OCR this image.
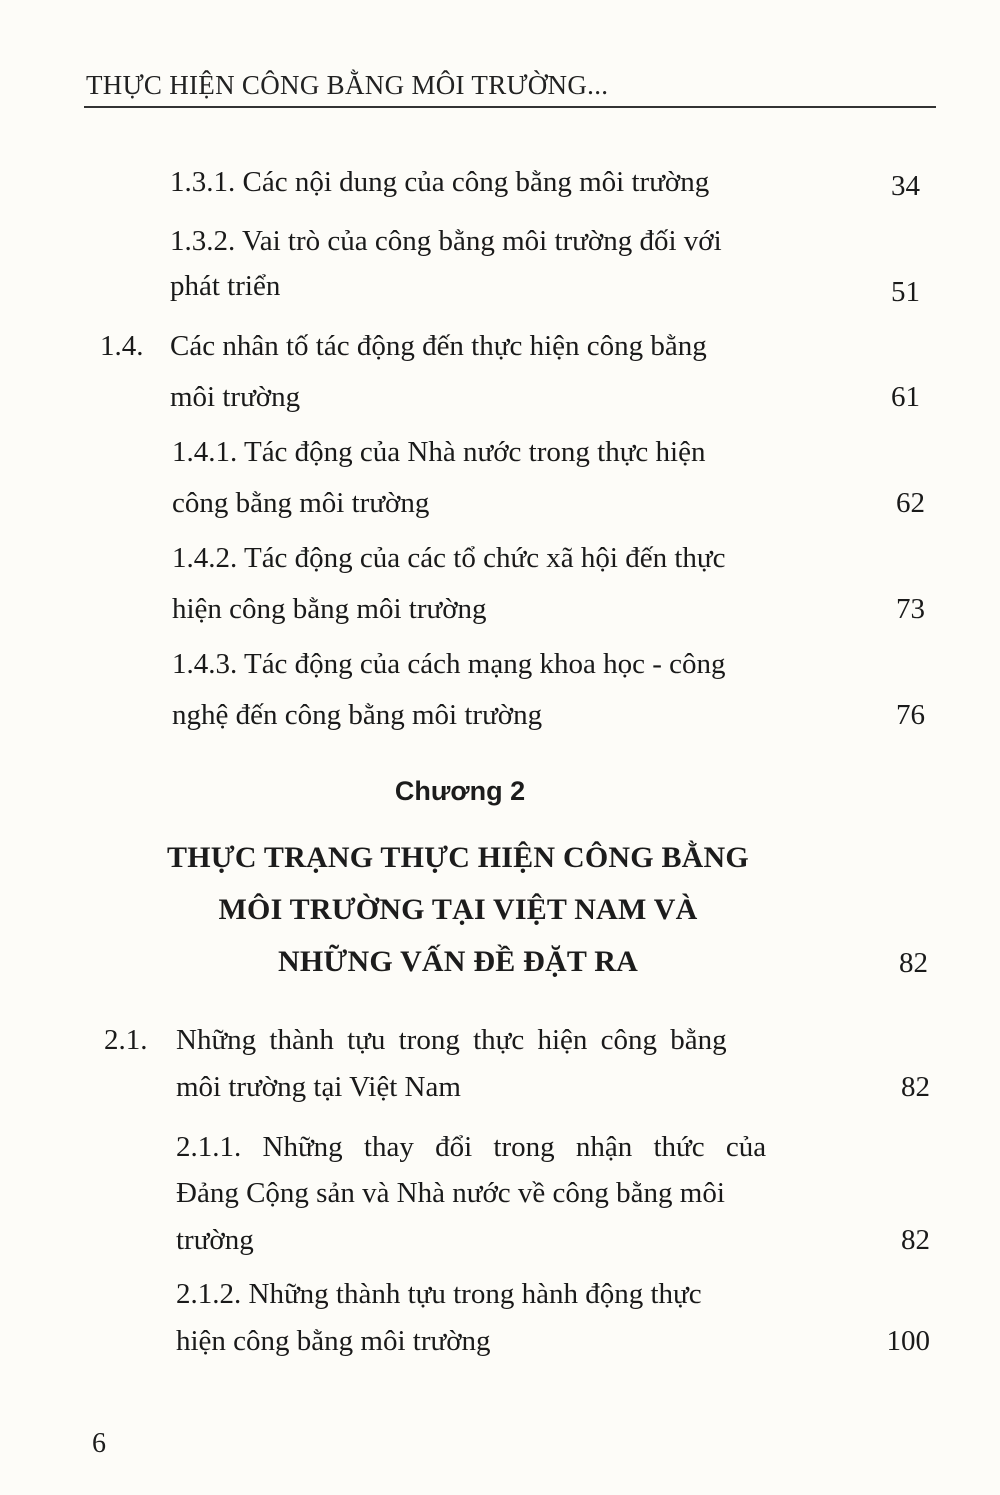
THỰC HIỆN CÔNG BẰNG MÔI TRƯỜNG...
1.3.1. Các nội dung của công bằng môi trường	34
1.3.2. Vai trò của công bằng môi trường đối với
phát triển	51
1.4. Các nhân tố tác động đến thực hiện công bằng
môi trường	61
1.4.1. Tác động của Nhà nước trong thực hiện
công bằng môi trường	62
1.4.2. Tác động của các tổ chức xã hội đến thực
hiện công bằng môi trường	73
1.4.3. Tác động của cách mạng khoa học - công
nghệ đến công bằng môi trường	76
Chương 2
THỰC TRẠNG THỰC HIỆN CÔNG BẰNG
MÔI TRƯỜNG TẠI VIỆT NAM VÀ
NHỮNG VẤN ĐỀ ĐẶT RA	82
2.1. Những thành tựu trong thực hiện công bằng
môi trường tại Việt Nam	82
2.1.1. Những thay đổi trong nhận thức của
Đảng Cộng sản và Nhà nước về công bằng môi
trường	82
2.1.2. Những thành tựu trong hành động thực
hiện công bằng môi trường	100
6
